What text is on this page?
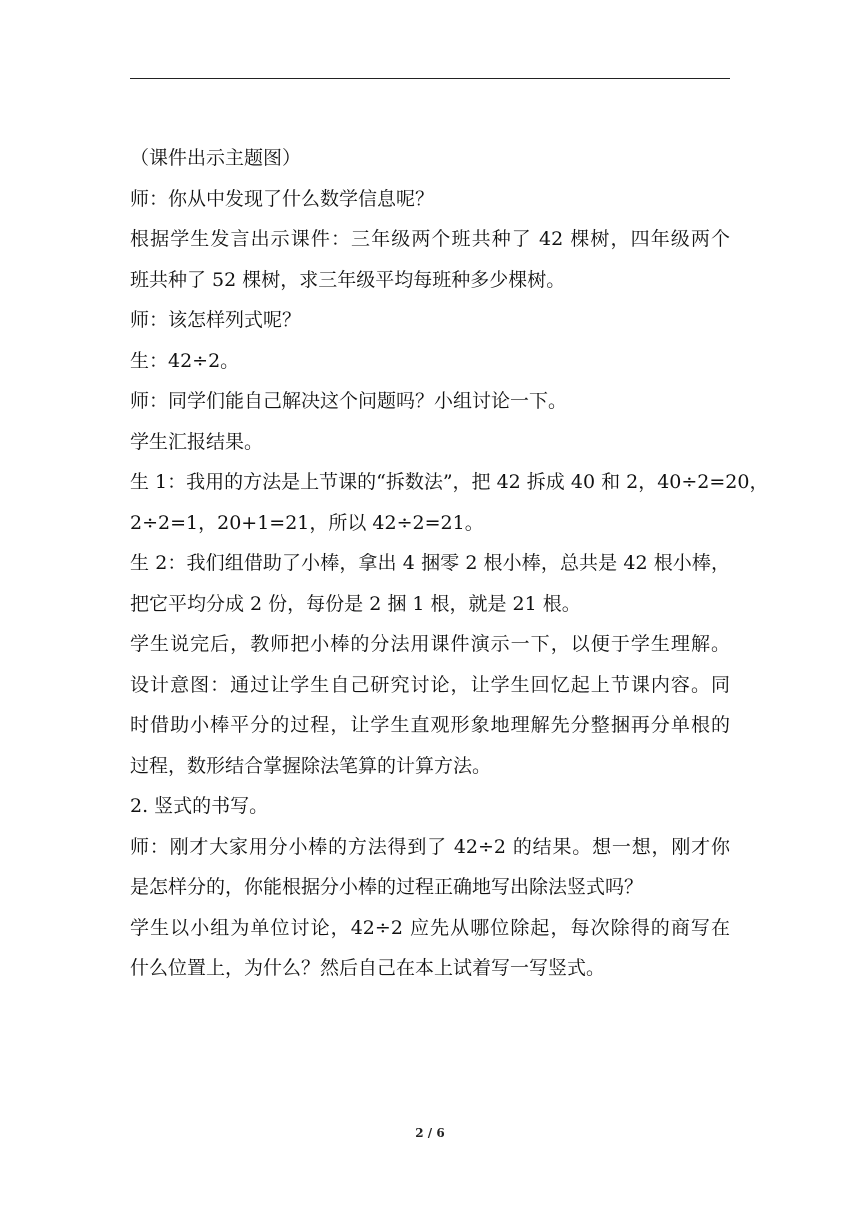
（课件出示主题图）
师：你从中发现了什么数学信息呢？
根据学生发言出示课件：三年级两个班共种了 42 棵树，四年级两个
班共种了 52 棵树，求三年级平均每班种多少棵树。
师：该怎样列式呢？
生：42÷2。
师：同学们能自己解决这个问题吗？小组讨论一下。
学生汇报结果。
生 1：我用的方法是上节课的“拆数法”，把 42 拆成 40 和 2，40÷2=20，
2÷2=1，20+1=21，所以 42÷2=21。
生 2：我们组借助了小棒，拿出 4 捆零 2 根小棒，总共是 42 根小棒，
把它平均分成 2 份，每份是 2 捆 1 根，就是 21 根。
学生说完后，教师把小棒的分法用课件演示一下，以便于学生理解。
设计意图：通过让学生自己研究讨论，让学生回忆起上节课内容。同
时借助小棒平分的过程，让学生直观形象地理解先分整捆再分单根的
过程，数形结合掌握除法笔算的计算方法。
2. 竖式的书写。
师：刚才大家用分小棒的方法得到了 42÷2 的结果。想一想，刚才你
是怎样分的，你能根据分小棒的过程正确地写出除法竖式吗？
学生以小组为单位讨论，42÷2 应先从哪位除起，每次除得的商写在
什么位置上，为什么？然后自己在本上试着写一写竖式。
2 / 6
